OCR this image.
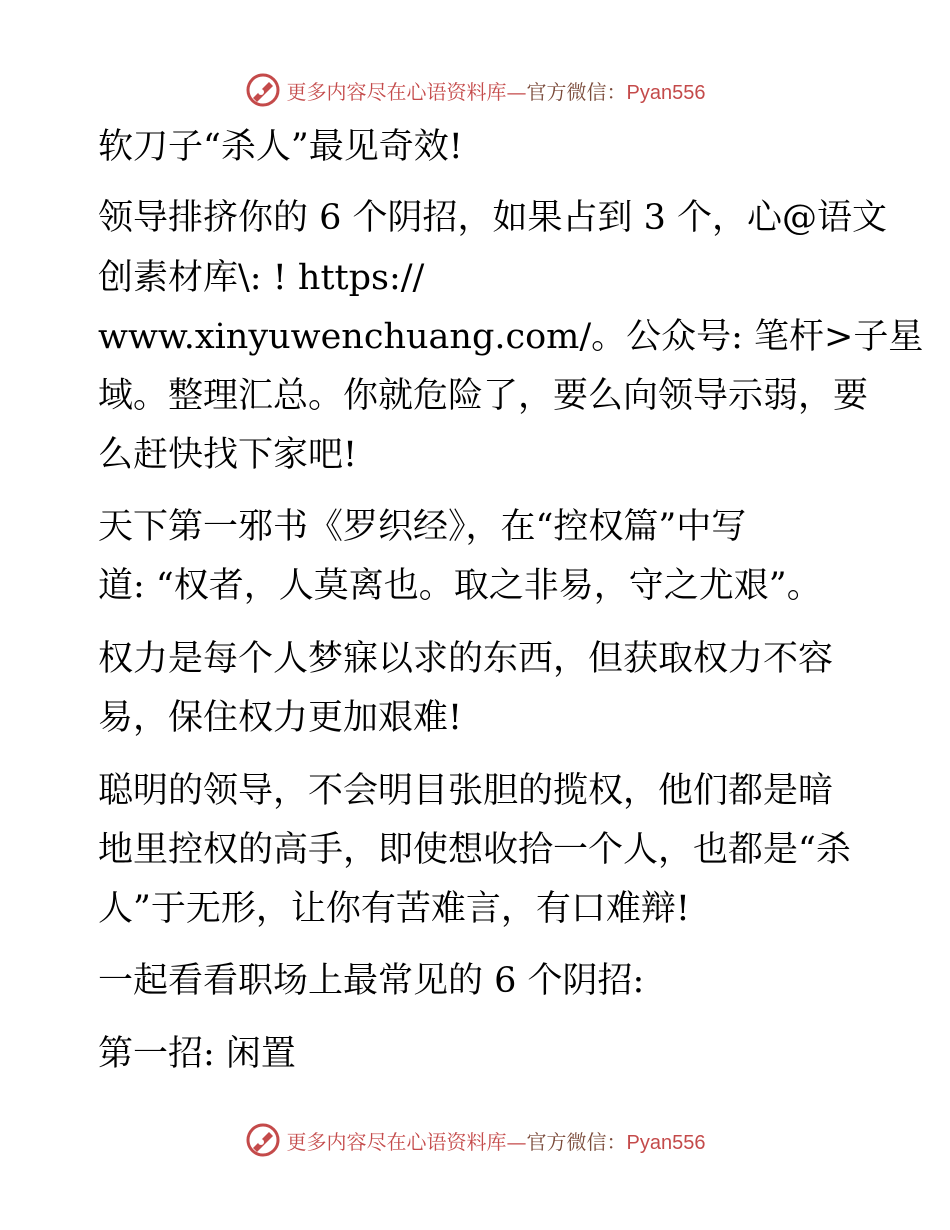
更多内容尽在心语资料库—官方微信：Pyan556
软刀子“杀人”最见奇效!
领导排挤你的 6 个阴招，如果占到 3 个，心@语文
创素材库\: ! https://
www.xinyuwenchuang.com/。公众号: 笔杆>子星
域。整理汇总。你就危险了，要么向领导示弱，要
么赶快找下家吧!
天下第一邪书《罗织经》，在“控权篇”中写
道: “权者，人莫离也。取之非易，守之尤艰”。
权力是每个人梦寐以求的东西，但获取权力不容
易，保住权力更加艰难!
聪明的领导，不会明目张胆的揽权，他们都是暗
地里控权的高手，即使想收拾一个人，也都是“杀
人”于无形，让你有苦难言，有口难辩!
一起看看职场上最常见的 6 个阴招:
第一招: 闲置
更多内容尽在心语资料库—官方微信：Pyan556
